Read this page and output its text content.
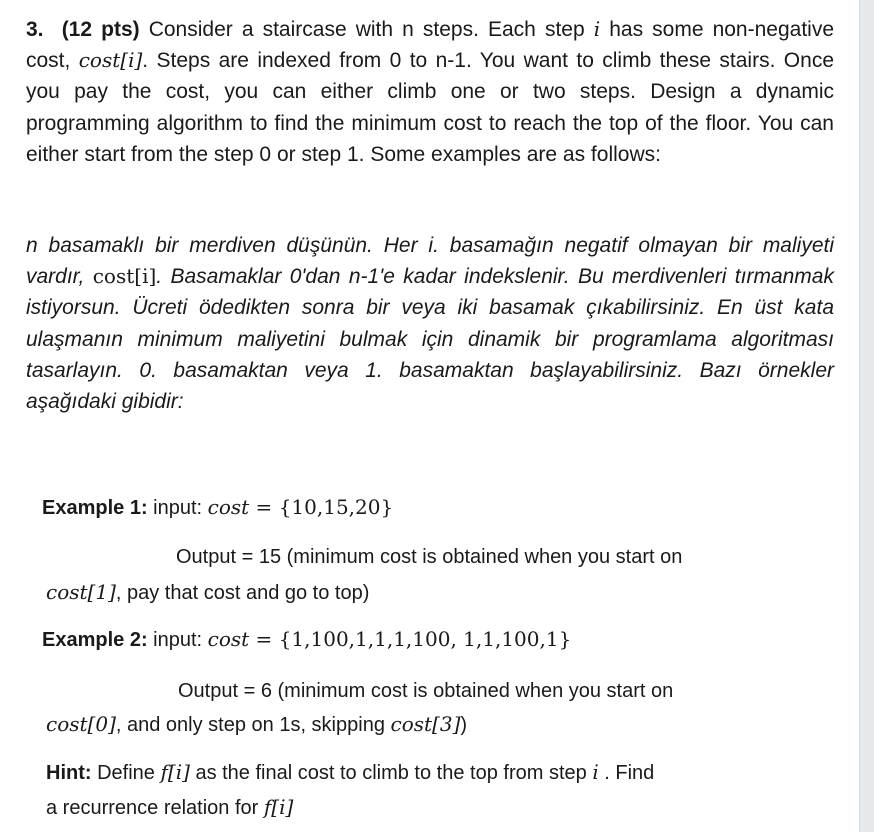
3. (12 pts) Consider a staircase with n steps. Each step i has some non-negative cost, cost[i]. Steps are indexed from 0 to n-1. You want to climb these stairs. Once you pay the cost, you can either climb one or two steps. Design a dynamic programming algorithm to find the minimum cost to reach the top of the floor. You can either start from the step 0 or step 1. Some examples are as follows:

n basamaklı bir merdiven düşünün. Her i. basamağın negatif olmayan bir maliyeti vardır, cost[i]. Basamaklar 0'dan n-1'e kadar indekslenir. Bu merdivenleri tırmanmak istiyorsun. Ücreti ödedikten sonra bir veya iki basamak çıkabilirsiniz. En üst kata ulaşmanın minimum maliyetini bulmak için dinamik bir programlama algoritması tasarlayın. 0. basamaktan veya 1. basamaktan başlayabilirsiniz. Bazı örnekler aşağıdaki gibidir:

Example 1: input: cost = {10,15,20}

Output = 15 (minimum cost is obtained when you start on

cost[1], pay that cost and go to top)

Example 2: input: cost = {1,100,1,1,1,100, 1,1,100,1}

Output = 6 (minimum cost is obtained when you start on

cost[0], and only step on 1s, skipping cost[3])

Hint: Define f[i] as the final cost to climb to the top from step i . Find

a recurrence relation for f[i]
